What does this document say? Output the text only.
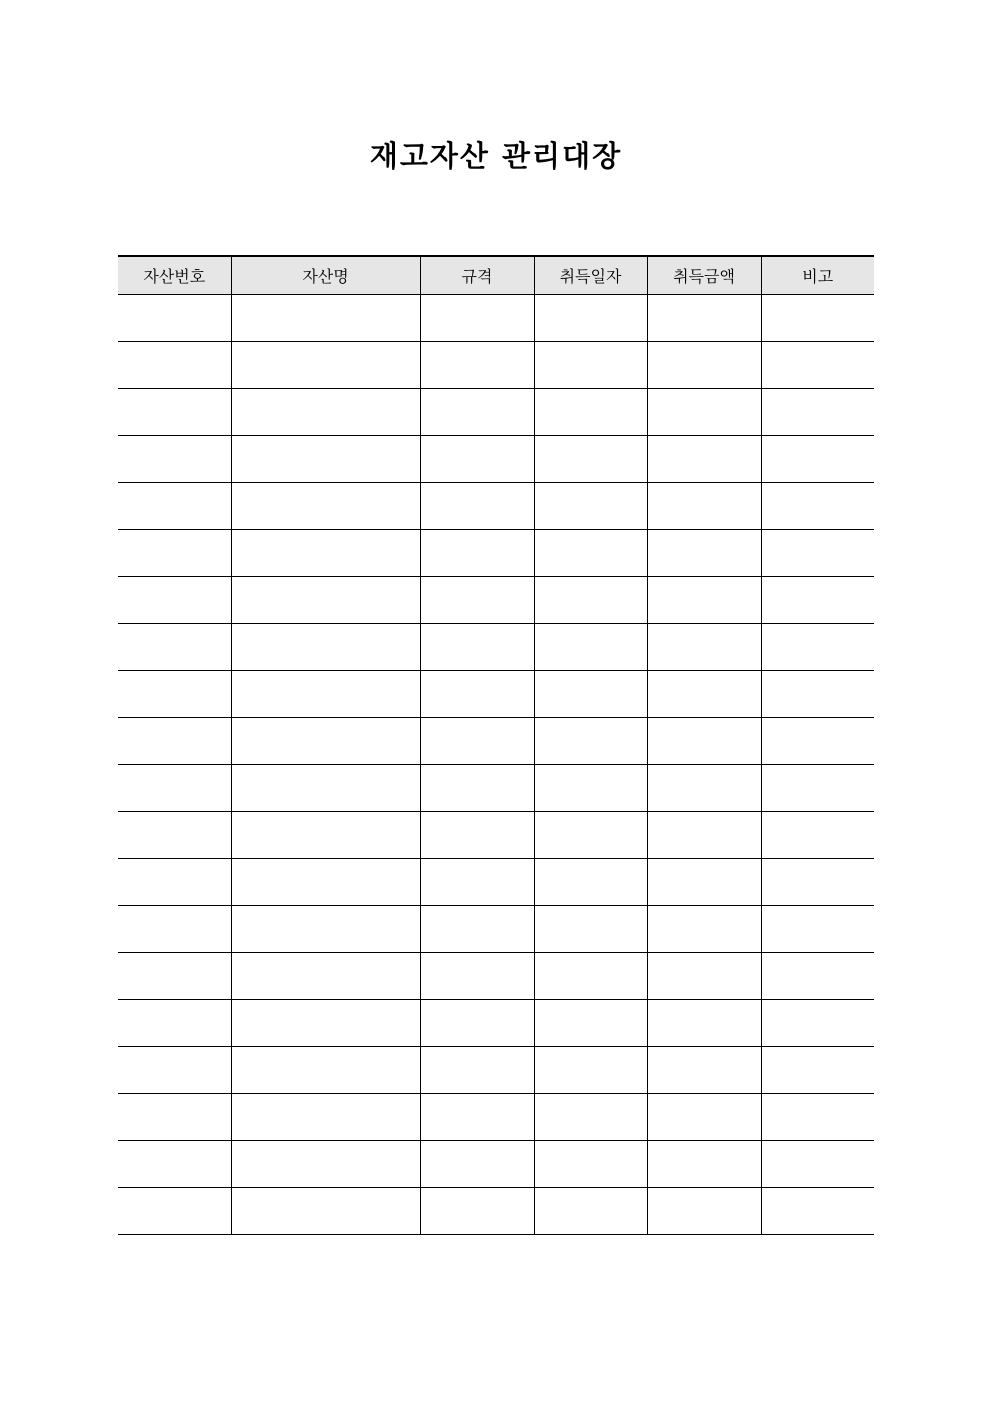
재고자산 관리대장
자산번호	자산명	규격	취득일자	취득금액	비고
